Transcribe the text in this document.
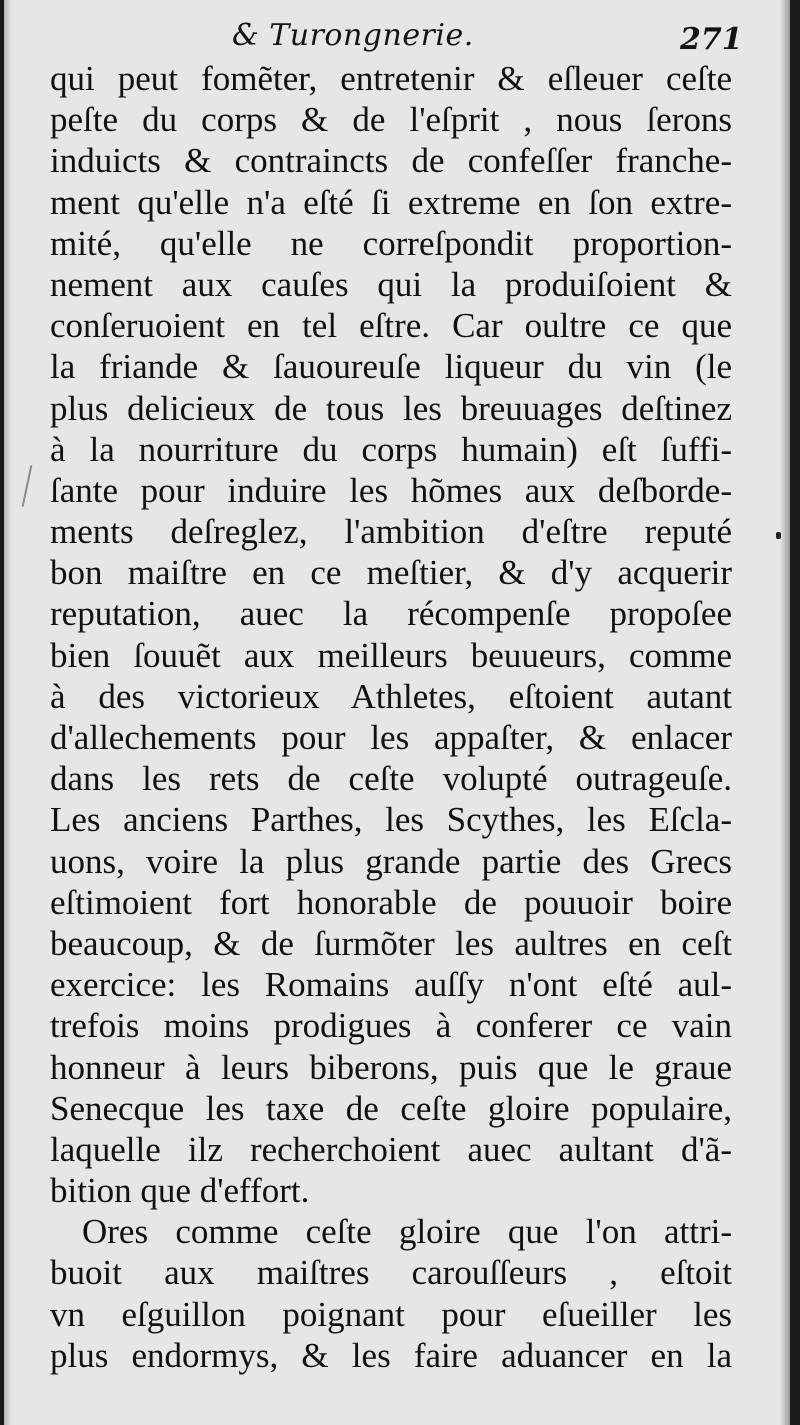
& Turongnerie.	271
qui peut fomẽter, entretenir & eſleuer ceſte
peſte du corps & de l'eſprit , nous ſerons
induicts & contraincts de confeſſer franche-
ment qu'elle n'a eſté ſi extreme en ſon extre-
mité, qu'elle ne correſpondit proportion-
nement aux cauſes qui la produiſoient &
conſeruoient en tel eſtre. Car oultre ce que
la friande & ſauoureuſe liqueur du vin (le
plus delicieux de tous les breuuages deſtinez
à la nourriture du corps humain) eſt ſuffi-
ſante pour induire les hõmes aux deſborde-
ments deſreglez, l'ambition d'eſtre reputé
bon maiſtre en ce meſtier, & d'y acquerir
reputation, auec la récompenſe propoſee
bien ſouuẽt aux meilleurs beuueurs, comme
à des victorieux Athletes, eſtoient autant
d'allechements pour les appaſter, & enlacer
dans les rets de ceſte volupté outrageuſe.
Les anciens Parthes, les Scythes, les Eſcla-
uons, voire la plus grande partie des Grecs
eſtimoient fort honorable de pouuoir boire
beaucoup, & de ſurmõter les aultres en ceſt
exercice: les Romains auſſy n'ont eſté aul-
trefois moins prodigues à conferer ce vain
honneur à leurs biberons, puis que le graue
Senecque les taxe de ceſte gloire populaire,
laquelle ilz recherchoient auec aultant d'ã-
bition que d'effort.
Ores comme ceſte gloire que l'on attri-
buoit aux maiſtres carouſſeurs , eſtoit
vn eſguillon poignant pour eſueiller les
plus endormys, & les faire aduancer en la
